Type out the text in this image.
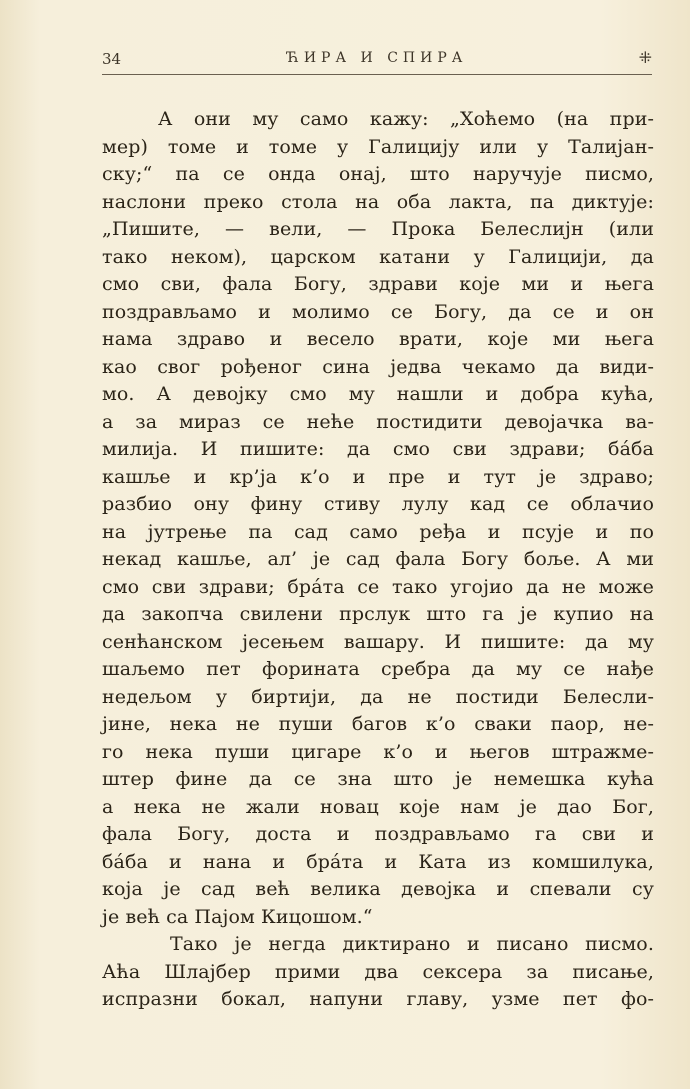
34	ЋИРА И СПИРА	⁜
А они му само кажу: „Хоћемо (на при-
мер) томе и томе у Галицију или у Талијан-
ску;“ па се онда онај, што наручује писмо,
наслони преко стола на оба лакта, па диктује:
„Пишите, — вели, — Прока Белеслијн (или
тако неком), царском катани у Галицији, да
смо сви, фала Богу, здрави које ми и њега
поздрављамо и молимо се Богу, да се и он
нама здраво и весело врати, које ми њега
као свог рођеног сина једва чекамо да види-
мо. А девојку смо му нашли и добра кућа,
а за мираз се неће постидити девојачка ва-
милија. И пишите: да смо сви здрави; ба́ба
кашље и кр’ја к’о и пре и тут је здраво;
разбио ону фину стиву лулу кад се облачио
на јутрење па сад само ређа и псује и по
некад кашље, ал’ је сад фала Богу боље. А ми
смо сви здрави; бра́та се тако угојио да не може
да закопча свилени прслук што га је купио на
сенћанском јесењем вашару. И пишите: да му
шаљемо пет форината сребра да му се нађе
недељом у биртији, да не постиди Белесли-
јине, нека не пуши багов к’о сваки паор, не-
го нека пуши цигаре к’о и његов штражме-
штер фине да се зна што је немешка кућа
а нека не жали новац које нам је дао Бог,
фала Богу, доста и поздрављамо га сви и
ба́ба и нана и бра́та и Ката из комшилука,
која је сад већ велика девојка и спевали су
је већ са Пајом Кицошом.“
Тако је негда диктирано и писано писмо.
Аћа Шлајбер прими два сексера за писање,
испразни бокал, напуни главу, узме пет фо-
